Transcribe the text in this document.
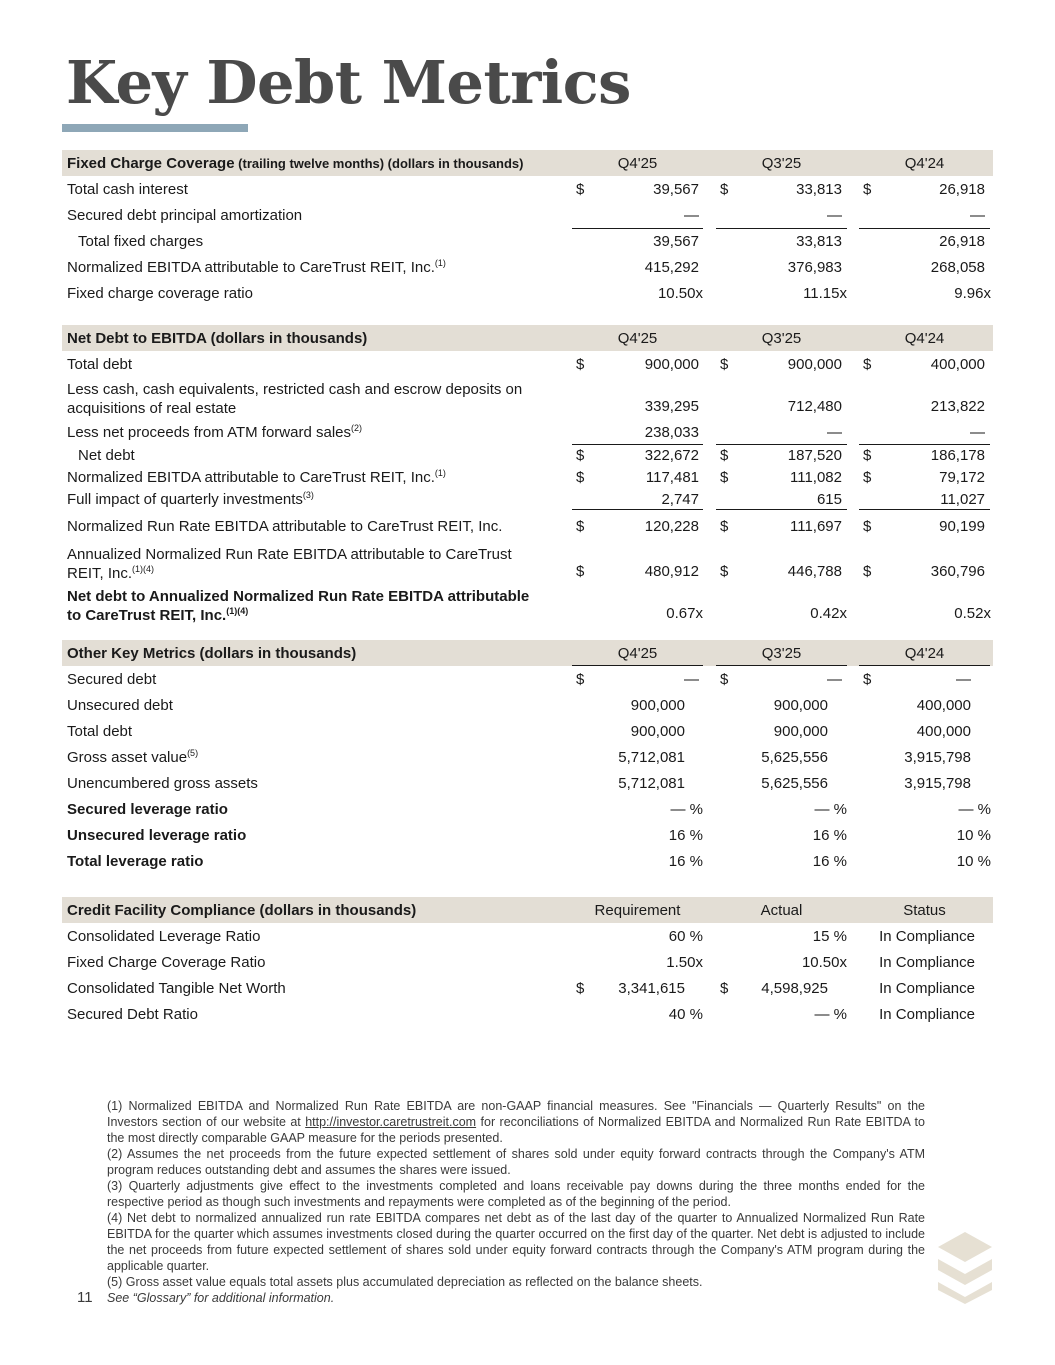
Key Debt Metrics
Fixed Charge Coverage (trailing twelve months) (dollars in thousands)	Q4'25	Q3'25	Q4'24
Total cash interest	$	39,567 $	33,813 $	26,918
Secured debt principal amortization	—	—	—
Total fixed charges	39,567	33,813	26,918
Normalized EBITDA attributable to CareTrust REIT, Inc.$^{(1)}$	415,292	376,983	268,058
Fixed charge coverage ratio	10.50x	11.15x	9.96x
Net Debt to EBITDA (dollars in thousands)	Q4'25	Q3'25	Q4'24
Total debt	$	900,000 $	900,000 $	400,000
Less cash, cash equivalents, restricted cash and escrow deposits on
acquisitions of real estate	339,295	712,480	213,822
Less net proceeds from ATM forward sales$^{(2)}$	238,033	—	—
Net debt	$	322,672 $	187,520 $	186,178
Normalized EBITDA attributable to CareTrust REIT, Inc.$^{(1)}$	$	117,481 $	111,082 $	79,172
Full impact of quarterly investments$^{(3)}$	2,747	615	11,027
Normalized Run Rate EBITDA attributable to CareTrust REIT, Inc.	$	120,228 $	111,697 $	90,199
Annualized Normalized Run Rate EBITDA attributable to CareTrust
REIT, Inc.$^{(1)(4)}$	$	480,912 $	446,788 $	360,796
Net debt to Annualized Normalized Run Rate EBITDA attributable
to CareTrust REIT, Inc.$^{(1)(4)}$	0.67x	0.42x	0.52x
Other Key Metrics (dollars in thousands)	Q4'25	Q3'25	Q4'24
Secured debt	$	— $	— $	—
Unsecured debt	900,000	900,000	400,000
Total debt	900,000	900,000	400,000
Gross asset value$^{(5)}$	5,712,081	5,625,556	3,915,798
Unencumbered gross assets	5,712,081	5,625,556	3,915,798
Secured leverage ratio	— %	— %	— %
Unsecured leverage ratio	16 %	16 %	10 %
Total leverage ratio	16 %	16 %	10 %
Credit Facility Compliance (dollars in thousands)	Requirement	Actual	Status
Consolidated Leverage Ratio	60 %	15 % In Compliance
Fixed Charge Coverage Ratio	1.50x	10.50x In Compliance
Consolidated Tangible Net Worth	$ 3,341,615 $ 4,598,925	In Compliance
Secured Debt Ratio	40 %	— % In Compliance

(1) Normalized EBITDA and Normalized Run Rate EBITDA are non-GAAP financial measures. See "Financials — Quarterly Results" on the Investors section of our website at http://investor.caretrustreit.com for reconciliations of Normalized EBITDA and Normalized Run Rate EBITDA to the most directly comparable GAAP measure for the periods presented.

(2) Assumes the net proceeds from the future expected settlement of shares sold under equity forward contracts through the Company's ATM program reduces outstanding debt and assumes the shares were issued.

(3) Quarterly adjustments give effect to the investments completed and loans receivable pay downs during the three months ended for the respective period as though such investments and repayments were completed as of the beginning of the period.

(4) Net debt to normalized annualized run rate EBITDA compares net debt as of the last day of the quarter to Annualized Normalized Run Rate EBITDA for the quarter which assumes investments closed during the quarter occurred on the first day of the quarter. Net debt is adjusted to include the net proceeds from future expected settlement of shares sold under equity forward contracts through the Company's ATM program during the applicable quarter.

(5) Gross asset value equals total assets plus accumulated depreciation as reflected on the balance sheets.

See “Glossary” for additional information.

11
